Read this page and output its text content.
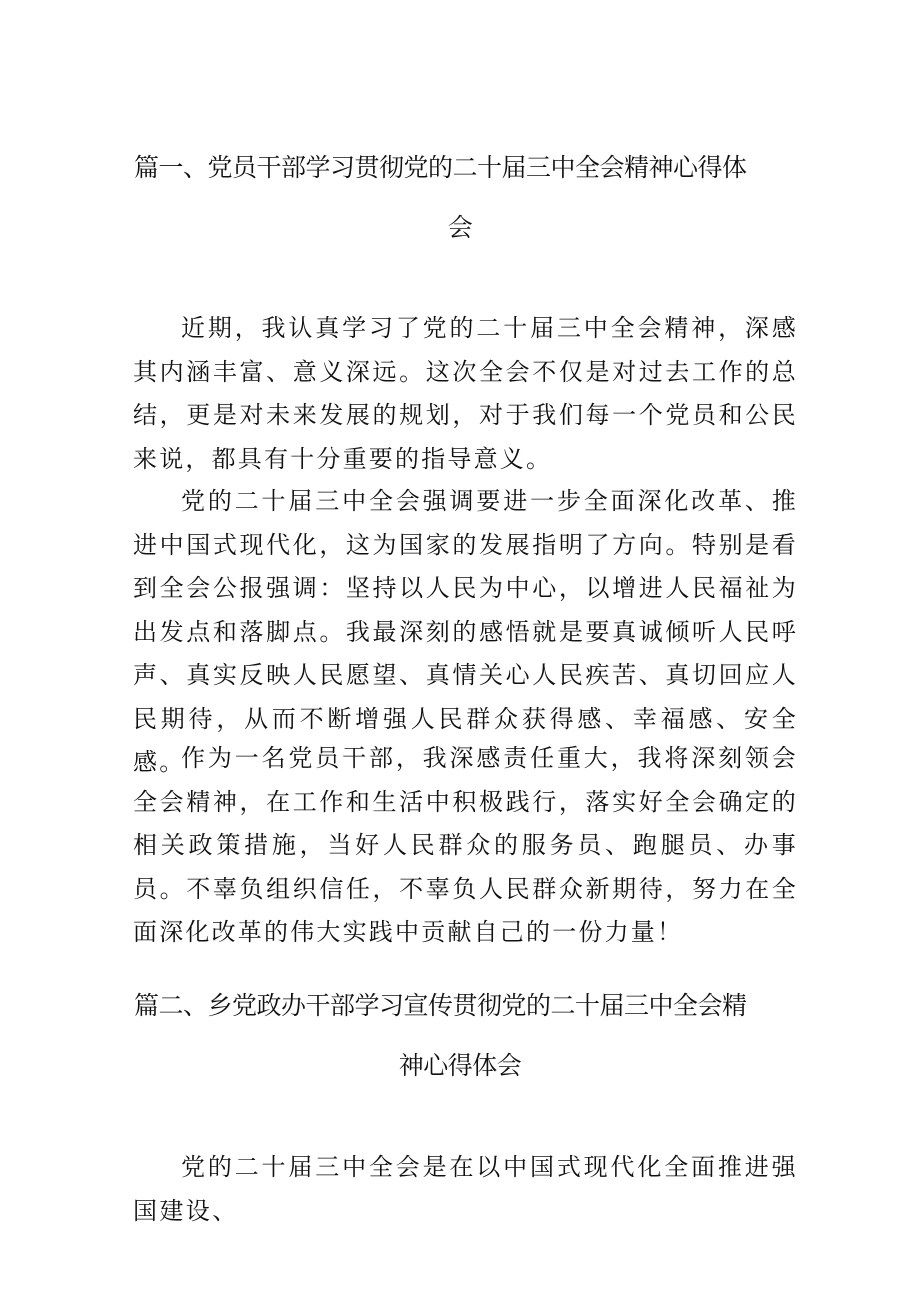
篇一、党员干部学习贯彻党的二十届三中全会精神心得体
会

近期，我认真学习了党的二十届三中全会精神，深感其内涵丰富、意义深远。这次全会不仅是对过去工作的总结，更是对未来发展的规划，对于我们每一个党员和公民来说，都具有十分重要的指导意义。

党的二十届三中全会强调要进一步全面深化改革、推进中国式现代化，这为国家的发展指明了方向。特别是看到全会公报强调：坚持以人民为中心，以增进人民福祉为出发点和落脚点。我最深刻的感悟就是要真诚倾听人民呼声、真实反映人民愿望、真情关心人民疾苦、真切回应人民期待，从而不断增强人民群众获得感、幸福感、安全感。

作为一名党员干部，我深感责任重大，我将深刻领会全会精神，在工作和生活中积极践行，落实好全会确定的相关政策措施，当好人民群众的服务员、跑腿员、办事员。不辜负组织信任，不辜负人民群众新期待，努力在全面深化改革的伟大实践中贡献自己的一份力量！

篇二、乡党政办干部学习宣传贯彻党的二十届三中全会精
神心得体会

党的二十届三中全会是在以中国式现代化全面推进强国建设、
